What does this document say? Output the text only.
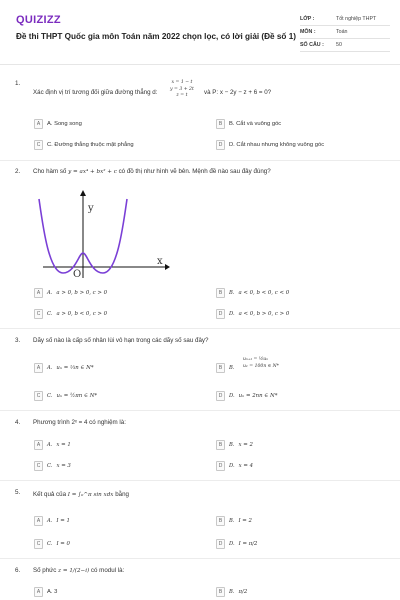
QUIZIZZ
Đề thi THPT Quốc gia môn Toán năm 2022 chọn lọc, có lời giải (Đề số 1)
LỚP :	Tốt nghiệp THPT
MÔN :	Toán
SỐ CÂU :	50
1.
Xác định vị trí tương đối giữa đường thẳng d:
x = 1 − t
y = 3 + 2t
z = t	và P: x − 2y − z + 6 = 0?
A	A. Song song	B	B. Cắt và vuông góc
C	C. Đường thẳng thuộc mặt phẳng	D	D. Cắt nhau nhưng không vuông góc
2. Cho hàm số y = ax⁴ + bx² + c có đồ thị như hình vẽ bên. Mệnh đề nào sau đây đúng?
y
x
O
A	A. a > 0, b > 0, c > 0	B	B. a < 0, b < 0, c < 0
C	C. a > 0, b < 0, c > 0	D	D. a < 0, b > 0, c > 0
3. Dãy số nào là cấp số nhân lùi vô hạn trong các dãy số sau đây?
A	A. uₙ = ⅓n ∈ N*	B	B.
uₙ₊₁ = ½uₙ
u₁ = 100n ∈ N*
C	C. uₙ = ½πn ∈ N*	D	D. uₙ = 2nn ∈ N*
4. Phương trình 2ˣ = 4 có nghiệm là:
A	A. x = 1	B	B. x = 2
C	C. x = 3	D	D. x = 4
5. Kết quả của I = ∫₀^π sin xdx bằng
A	A. I = 1	B	B. I = 2
C	C. I = 0	D	D. I = π/2
6. Số phức z = 1/(2−i) có modul là:
A	A. 3	B	B. π/2
